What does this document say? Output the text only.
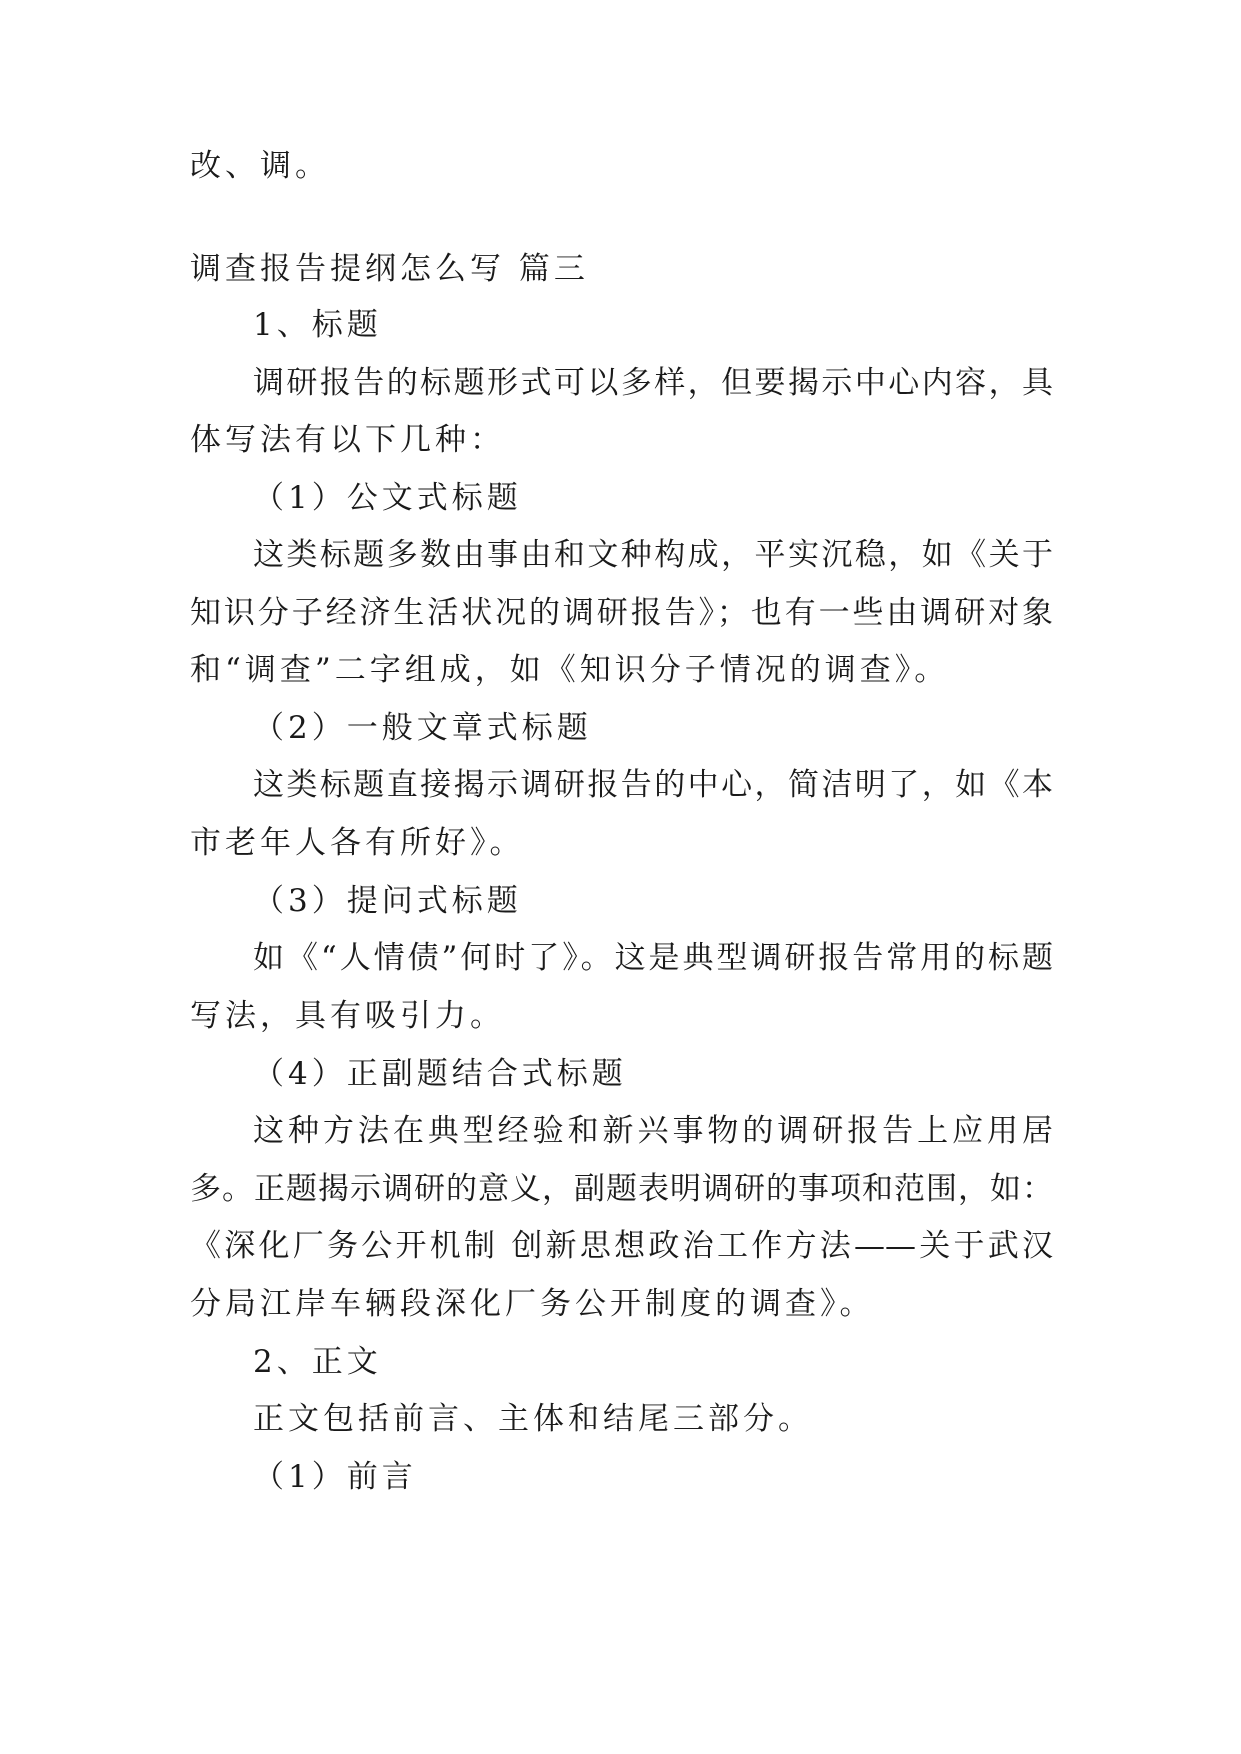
改、调。
调查报告提纲怎么写 篇三
1、标题
调研报告的标题形式可以多样，但要揭示中心内容，具
体写法有以下几种：
（1）公文式标题
这类标题多数由事由和文种构成，平实沉稳，如《关于
知识分子经济生活状况的调研报告》；也有一些由调研对象
和“调查”二字组成，如《知识分子情况的调查》。
（2）一般文章式标题
这类标题直接揭示调研报告的中心，简洁明了，如《本
市老年人各有所好》。
（3）提问式标题
如《“人情债”何时了》。这是典型调研报告常用的标题
写法，具有吸引力。
（4）正副题结合式标题
这种方法在典型经验和新兴事物的调研报告上应用居
多。正题揭示调研的意义，副题表明调研的事项和范围，如：
《深化厂务公开机制 创新思想政治工作方法——关于武汉
分局江岸车辆段深化厂务公开制度的调查》。
2、正文
正文包括前言、主体和结尾三部分。
（1）前言
